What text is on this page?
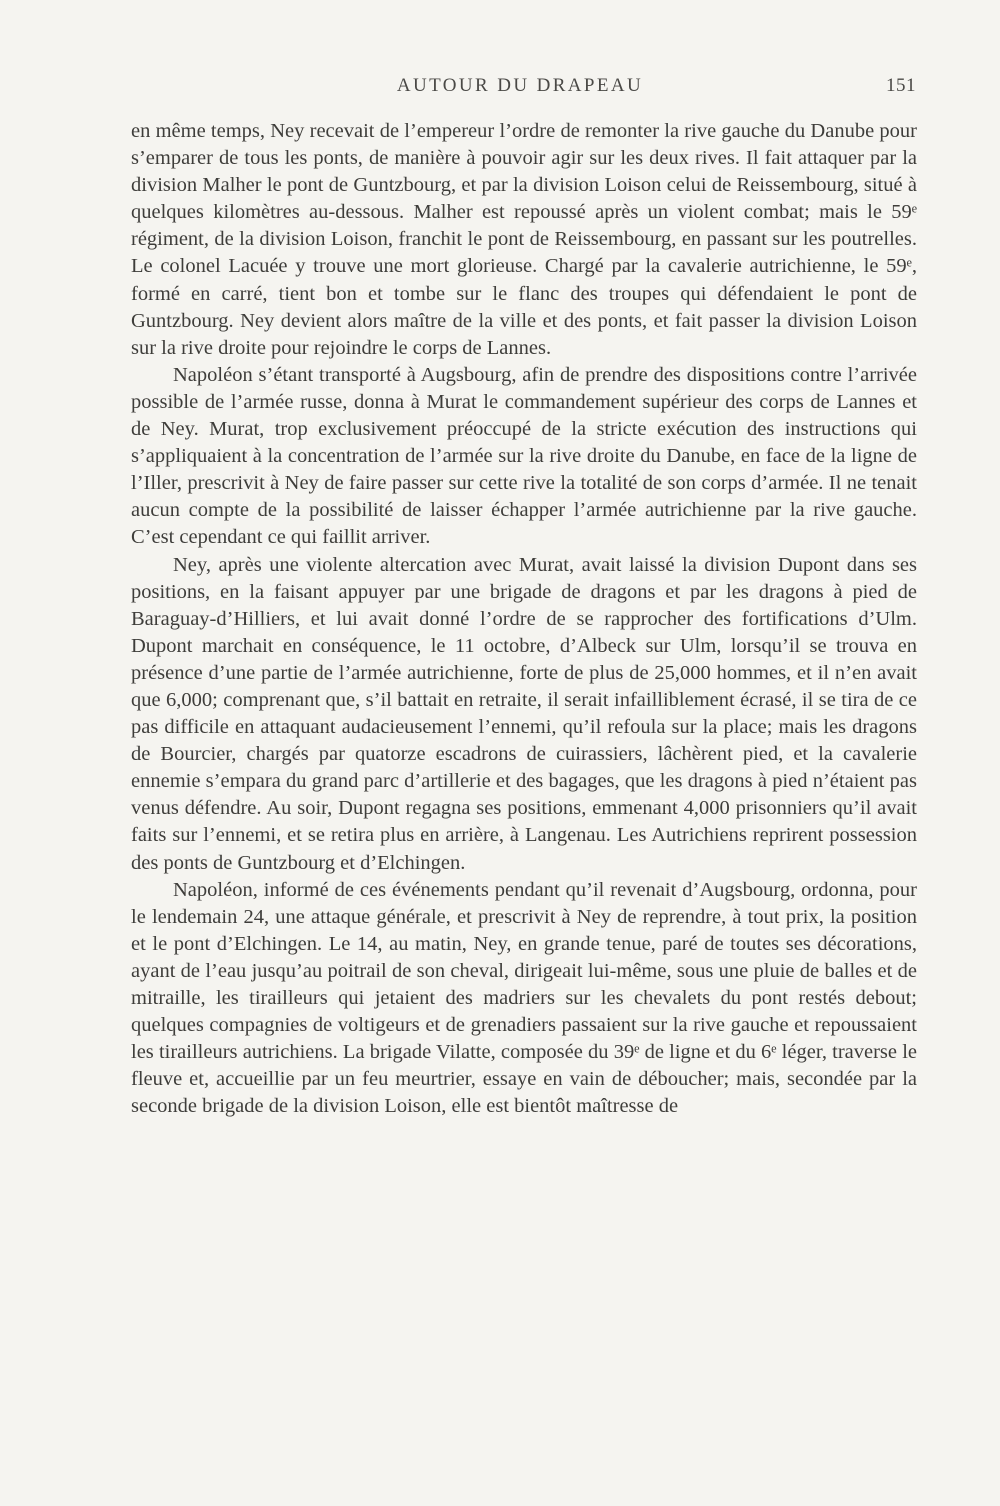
AUTOUR DU DRAPEAU	151

en même temps, Ney recevait de l’empereur l’ordre de remonter la rive gauche du Danube pour s’emparer de tous les ponts, de manière à pouvoir agir sur les deux rives. Il fait attaquer par la division Malher le pont de Guntzbourg, et par la division Loison celui de Reissembourg, situé à quelques kilomètres au-dessous. Malher est repoussé après un violent combat; mais le 59ᵉ régiment, de la division Loison, franchit le pont de Reissembourg, en passant sur les poutrelles. Le colonel Lacuée y trouve une mort glorieuse. Chargé par la cavalerie autrichienne, le 59ᵉ, formé en carré, tient bon et tombe sur le flanc des troupes qui défendaient le pont de Guntzbourg. Ney devient alors maître de la ville et des ponts, et fait passer la division Loison sur la rive droite pour rejoindre le corps de Lannes.

Napoléon s’étant transporté à Augsbourg, afin de prendre des dispositions contre l’arrivée possible de l’armée russe, donna à Murat le commandement supérieur des corps de Lannes et de Ney. Murat, trop exclusivement préoccupé de la stricte exécution des instructions qui s’appliquaient à la concentration de l’armée sur la rive droite du Danube, en face de la ligne de l’Iller, prescrivit à Ney de faire passer sur cette rive la totalité de son corps d’armée. Il ne tenait aucun compte de la possibilité de laisser échapper l’armée autrichienne par la rive gauche. C’est cependant ce qui faillit arriver.

Ney, après une violente altercation avec Murat, avait laissé la division Dupont dans ses positions, en la faisant appuyer par une brigade de dragons et par les dragons à pied de Baraguay-d’Hilliers, et lui avait donné l’ordre de se rapprocher des fortifications d’Ulm. Dupont marchait en conséquence, le 11 octobre, d’Albeck sur Ulm, lorsqu’il se trouva en présence d’une partie de l’armée autrichienne, forte de plus de 25,000 hommes, et il n’en avait que 6,000; comprenant que, s’il battait en retraite, il serait infailliblement écrasé, il se tira de ce pas difficile en attaquant audacieusement l’ennemi, qu’il refoula sur la place; mais les dragons de Bourcier, chargés par quatorze escadrons de cuirassiers, lâchèrent pied, et la cavalerie ennemie s’empara du grand parc d’artillerie et des bagages, que les dragons à pied n’étaient pas venus défendre. Au soir, Dupont regagna ses positions, emmenant 4,000 prisonniers qu’il avait faits sur l’ennemi, et se retira plus en arrière, à Langenau. Les Autrichiens reprirent possession des ponts de Guntzbourg et d’Elchingen.

Napoléon, informé de ces événements pendant qu’il revenait d’Augsbourg, ordonna, pour le lendemain 24, une attaque générale, et prescrivit à Ney de reprendre, à tout prix, la position et le pont d’Elchingen. Le 14, au matin, Ney, en grande tenue, paré de toutes ses décorations, ayant de l’eau jusqu’au poitrail de son cheval, dirigeait lui-même, sous une pluie de balles et de mitraille, les tirailleurs qui jetaient des madriers sur les chevalets du pont restés debout; quelques compagnies de voltigeurs et de grenadiers passaient sur la rive gauche et repoussaient les tirailleurs autrichiens. La brigade Vilatte, composée du 39ᵉ de ligne et du 6ᵉ léger, traverse le fleuve et, accueillie par un feu meurtrier, essaye en vain de déboucher; mais, secondée par la seconde brigade de la division Loison, elle est bientôt maîtresse de
